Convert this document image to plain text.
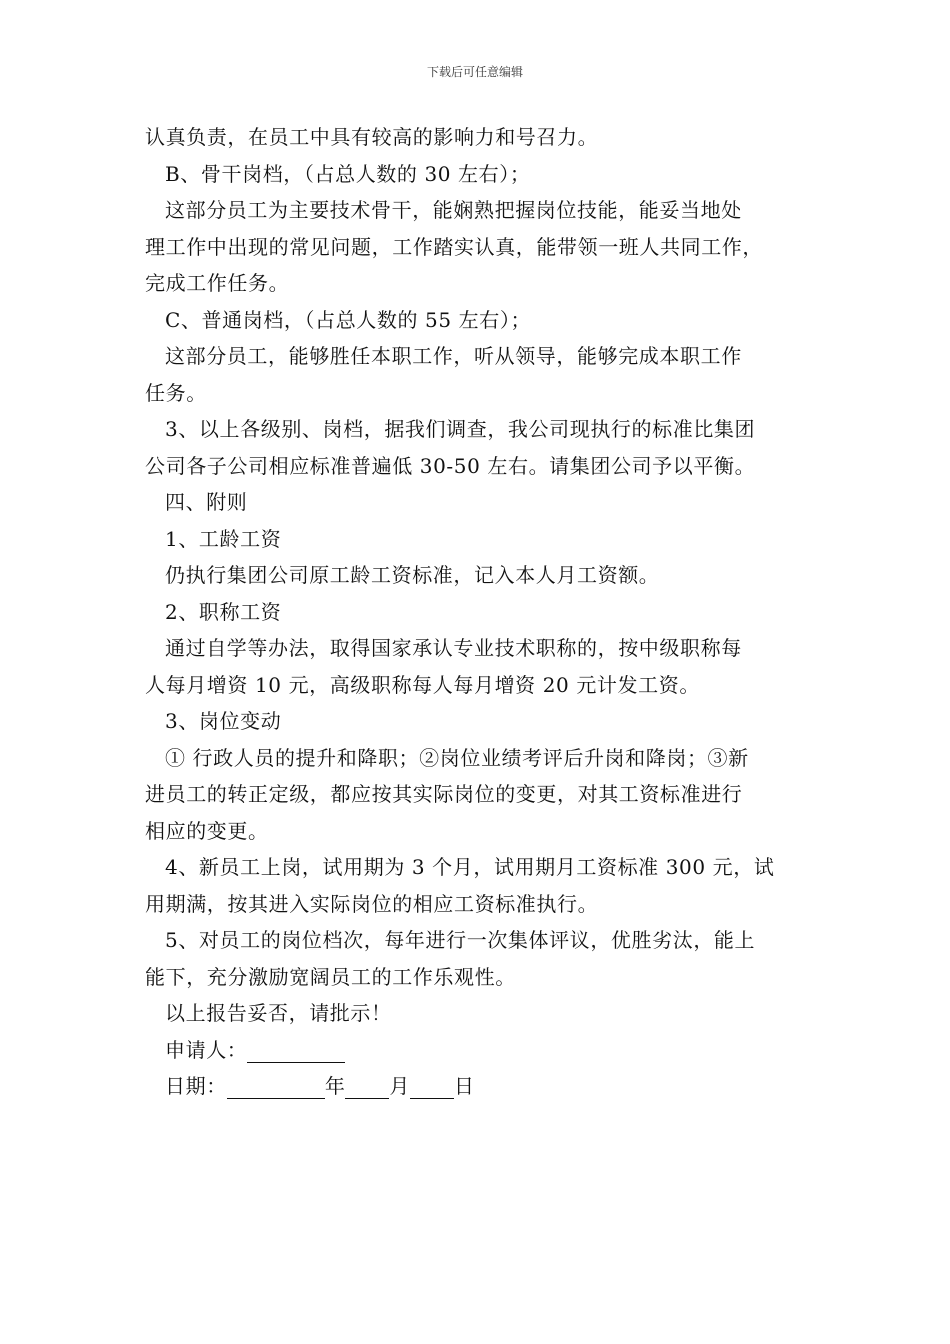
下载后可任意编辑

认真负责，在员工中具有较高的影响力和号召力。

B、骨干岗档，（占总人数的 30 左右）；

这部分员工为主要技术骨干，能娴熟把握岗位技能，能妥当地处

理工作中出现的常见问题，工作踏实认真，能带领一班人共同工作，

完成工作任务。

C、普通岗档，（占总人数的 55 左右）；

这部分员工，能够胜任本职工作，听从领导，能够完成本职工作

任务。

3、以上各级别、岗档，据我们调查，我公司现执行的标准比集团

公司各子公司相应标准普遍低 30-50 左右。请集团公司予以平衡。

四、附则

1、工龄工资

仍执行集团公司原工龄工资标准，记入本人月工资额。

2、职称工资

通过自学等办法，取得国家承认专业技术职称的，按中级职称每

人每月增资 10 元，高级职称每人每月增资 20 元计发工资。

3、岗位变动

① 行政人员的提升和降职；②岗位业绩考评后升岗和降岗；③新

进员工的转正定级，都应按其实际岗位的变更，对其工资标准进行

相应的变更。

4、新员工上岗，试用期为 3 个月，试用期月工资标准 300 元，试

用期满，按其进入实际岗位的相应工资标准执行。

5、对员工的岗位档次，每年进行一次集体评议，优胜劣汰，能上

能下，充分激励宽阔员工的工作乐观性。

以上报告妥否，请批示！

申请人：

日期：	年 月 日
